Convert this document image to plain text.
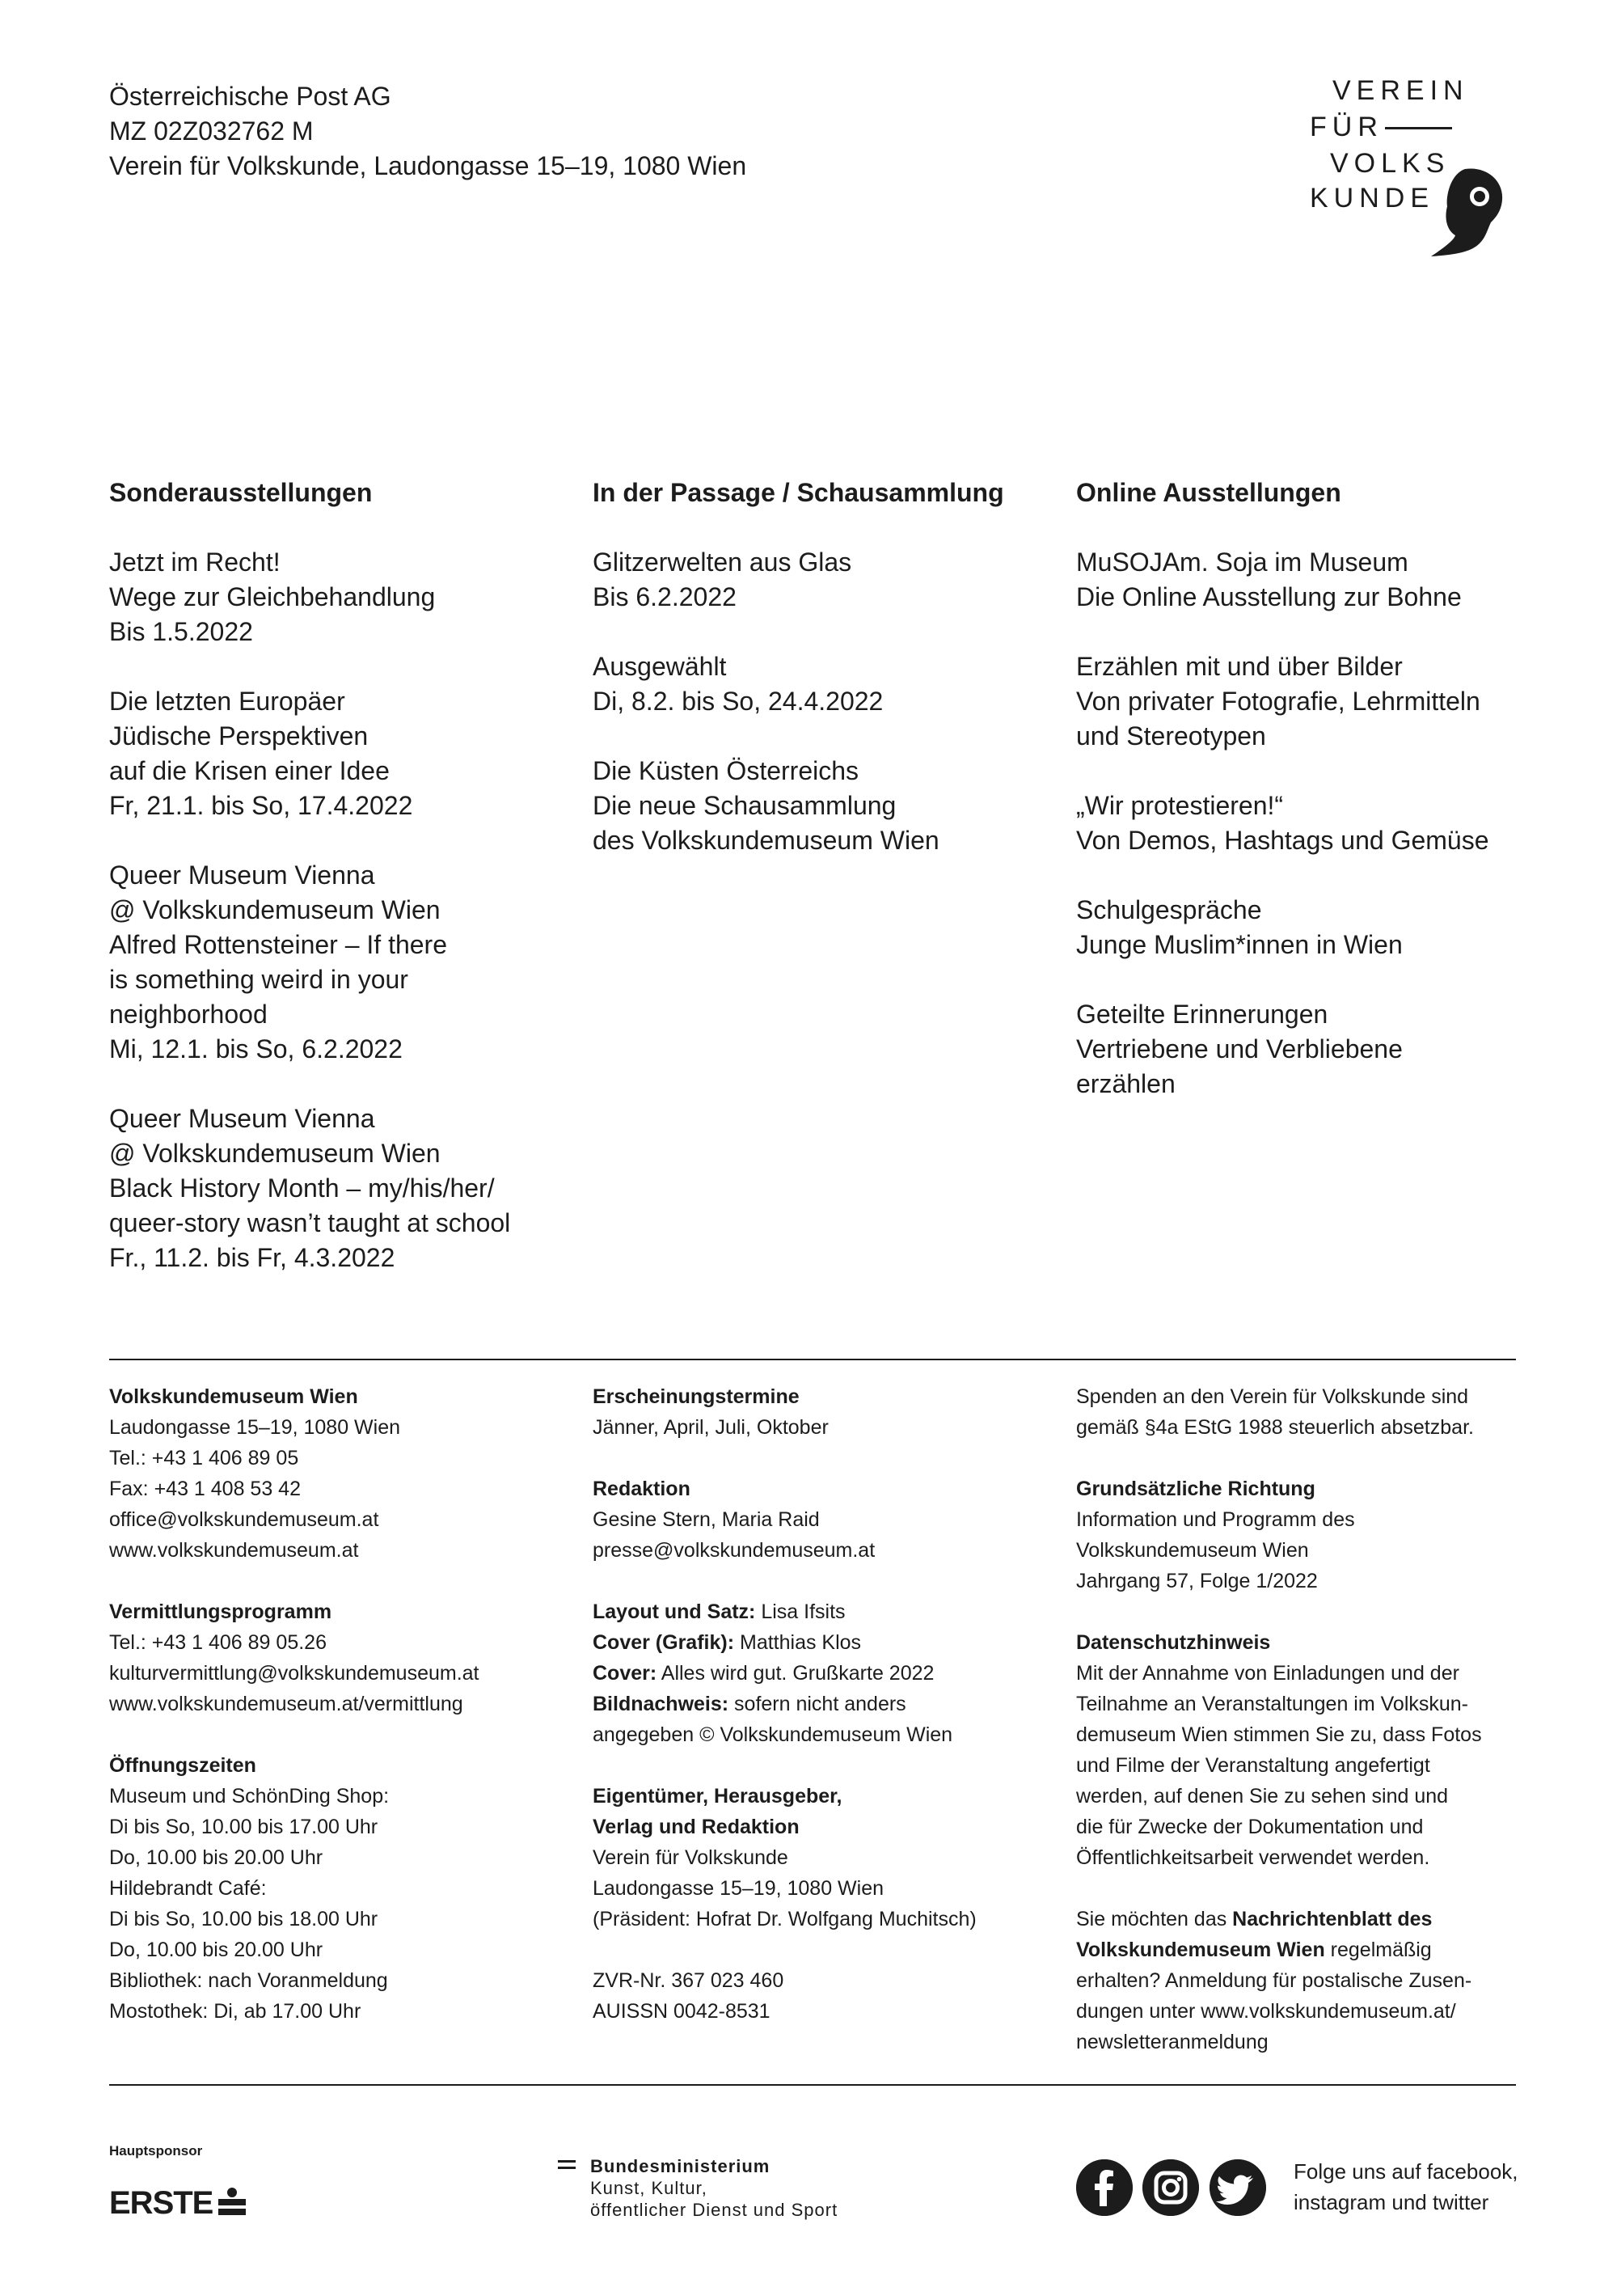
Österreichische Post AG
MZ 02Z032762 M
Verein für Volkskunde, Laudongasse 15–19, 1080 Wien
VEREIN
FÜR
VOLKS
KUNDE
Sonderausstellungen
Jetzt im Recht!
Wege zur Gleichbehandlung
Bis 1.5.2022
Die letzten Europäer
Jüdische Perspektiven
auf die Krisen einer Idee
Fr, 21.1. bis So, 17.4.2022
Queer Museum Vienna
@ Volkskundemuseum Wien
Alfred Rottensteiner – If there
is something weird in your
neighborhood
Mi, 12.1. bis So, 6.2.2022
Queer Museum Vienna
@ Volkskundemuseum Wien
Black History Month – my/his/her/
queer-story wasn’t taught at school
Fr., 11.2. bis Fr, 4.3.2022
In der Passage / Schausammlung
Glitzerwelten aus Glas
Bis 6.2.2022
Ausgewählt
Di, 8.2. bis So, 24.4.2022
Die Küsten Österreichs
Die neue Schausammlung
des Volkskundemuseum Wien
Online Ausstellungen
MuSOJAm. Soja im Museum
Die Online Ausstellung zur Bohne
Erzählen mit und über Bilder
Von privater Fotografie, Lehrmitteln
und Stereotypen
„Wir protestieren!“
Von Demos, Hashtags und Gemüse
Schulgespräche
Junge Muslim*innen in Wien
Geteilte Erinnerungen
Vertriebene und Verbliebene
erzählen
Volkskundemuseum Wien
Laudongasse 15–19, 1080 Wien
Tel.: +43 1 406 89 05
Fax: +43 1 408 53 42
office@volkskundemuseum.at
www.volkskundemuseum.at
Vermittlungsprogramm
Tel.: +43 1 406 89 05.26
kulturvermittlung@volkskundemuseum.at
www.volkskundemuseum.at/vermittlung
Öffnungszeiten
Museum und SchönDing Shop:
Di bis So, 10.00 bis 17.00 Uhr
Do, 10.00 bis 20.00 Uhr
Hildebrandt Café:
Di bis So, 10.00 bis 18.00 Uhr
Do, 10.00 bis 20.00 Uhr
Bibliothek: nach Voranmeldung
Mostothek: Di, ab 17.00 Uhr
Erscheinungstermine
Jänner, April, Juli, Oktober
Redaktion
Gesine Stern, Maria Raid
presse@volkskundemuseum.at
Layout und Satz: Lisa Ifsits
Cover (Grafik): Matthias Klos
Cover: Alles wird gut. Grußkarte 2022
Bildnachweis: sofern nicht anders
angegeben © Volkskundemuseum Wien
Eigentümer, Herausgeber,
Verlag und Redaktion
Verein für Volkskunde
Laudongasse 15–19, 1080 Wien
(Präsident: Hofrat Dr. Wolfgang Muchitsch)
ZVR-Nr. 367 023 460
AUISSN 0042-8531
Spenden an den Verein für Volkskunde sind
gemäß §4a EStG 1988 steuerlich absetzbar.
Grundsätzliche Richtung
Information und Programm des
Volkskundemuseum Wien
Jahrgang 57, Folge 1/2022
Datenschutzhinweis
Mit der Annahme von Einladungen und der
Teilnahme an Veranstaltungen im Volkskun-
demuseum Wien stimmen Sie zu, dass Fotos
und Filme der Veranstaltung angefertigt
werden, auf denen Sie zu sehen sind und
die für Zwecke der Dokumentation und
Öffentlichkeitsarbeit verwendet werden.
Sie möchten das Nachrichtenblatt des
Volkskundemuseum Wien regelmäßig
erhalten? Anmeldung für postalische Zusen-
dungen unter www.volkskundemuseum.at/
newsletteranmeldung
Hauptsponsor
ERSTE
Bundesministerium
Kunst, Kultur,
öffentlicher Dienst und Sport
Folge uns auf facebook,
instagram und twitter
